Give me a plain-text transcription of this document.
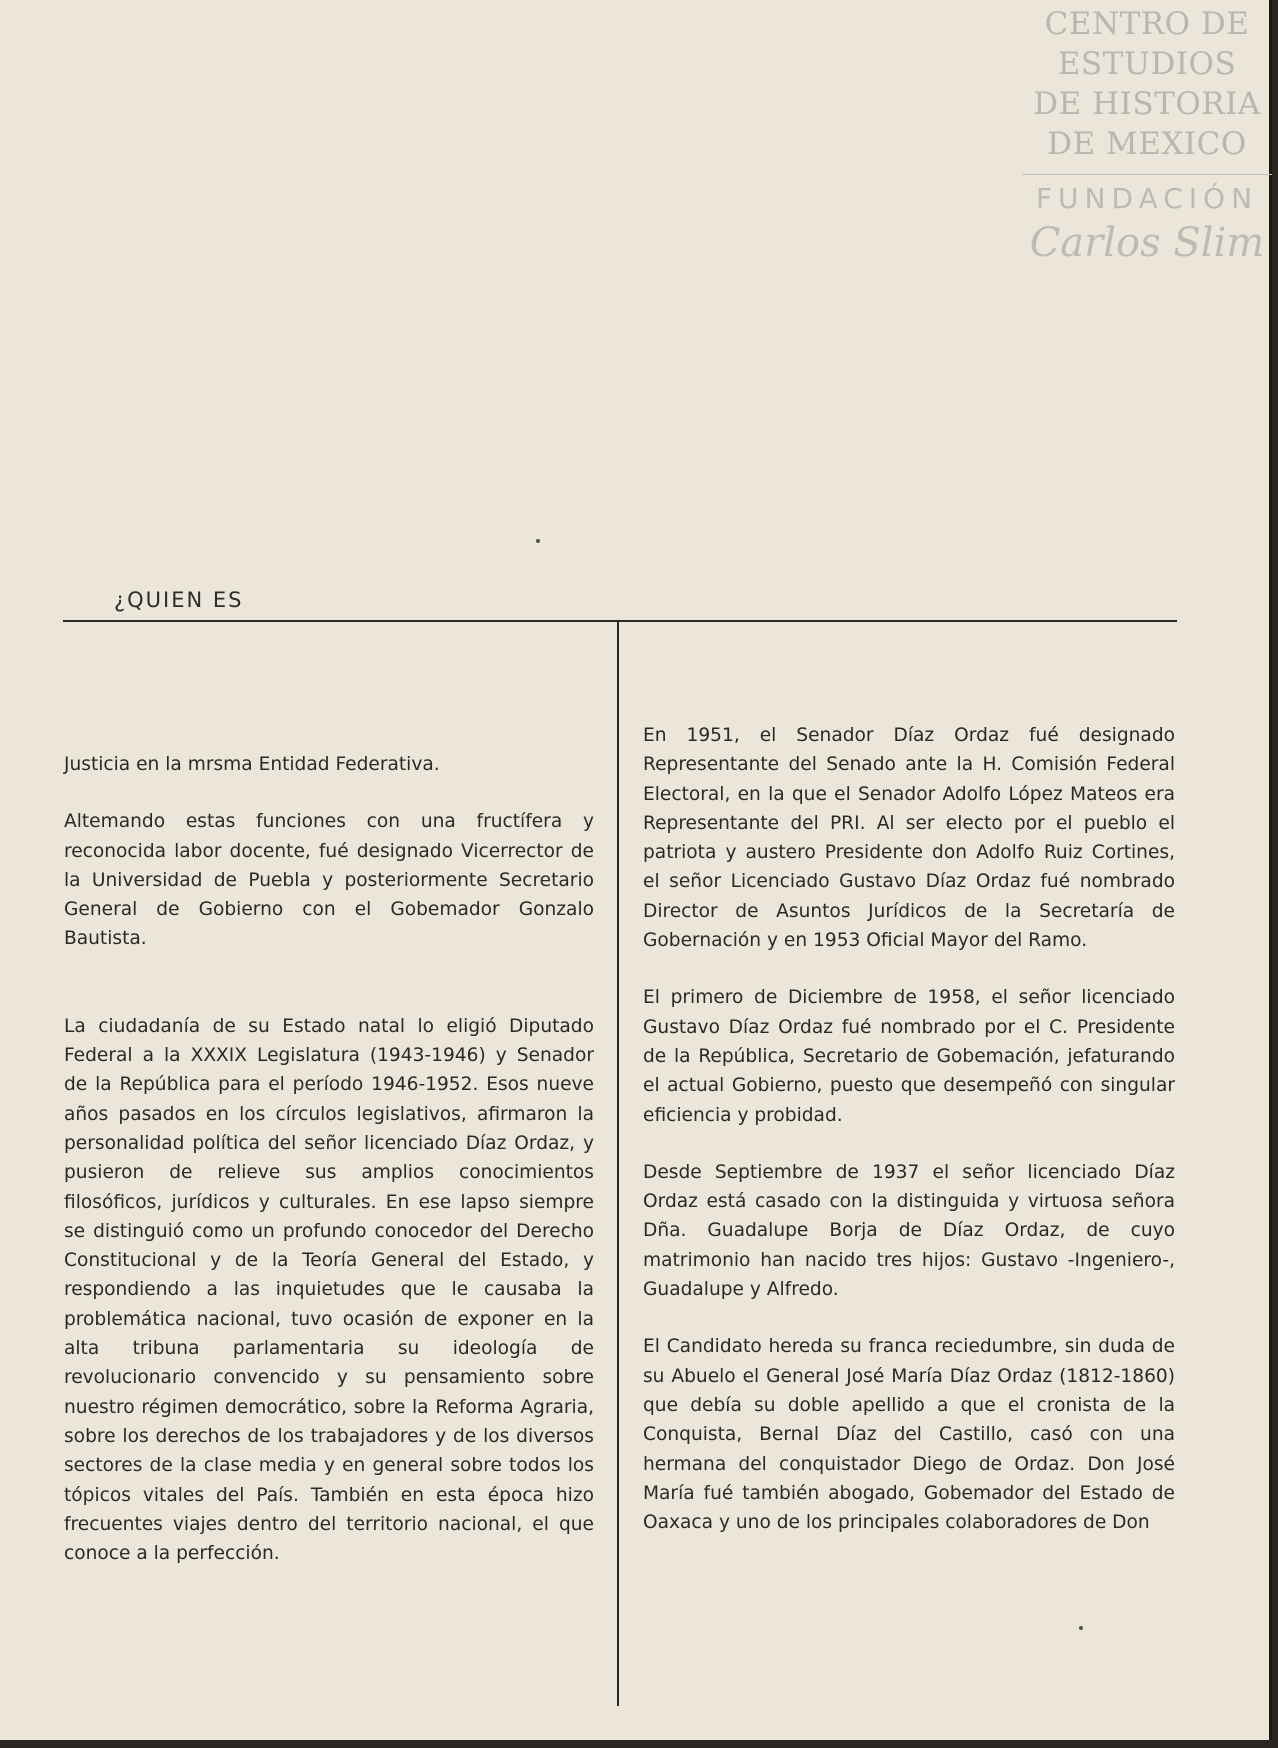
CENTRO DE
ESTUDIOS
DE HISTORIA
DE MEXICO
FUNDACIÓN
Carlos Slim
¿QUIEN ES

Justicia en la mrsma Entidad Federativa.

Altemando estas funciones con una fructífera y reconocida labor docente, fué designado Vicerrector de la Universidad de Puebla y posteriormente Secretario General de Gobierno con el Gobemador Gonzalo Bautista.

La ciudadanía de su Estado natal lo eligió Diputado Federal a la XXXIX Legislatura (1943-1946) y Senador de la República para el período 1946-1952. Esos nueve años pasados en los círculos legislativos, afirmaron la personalidad política del señor licenciado Díaz Ordaz, y pusieron de relieve sus amplios conocimientos filosóficos, jurídicos y culturales. En ese lapso siempre se distinguió como un profundo conocedor del Derecho Constitucional y de la Teoría General del Estado, y respondiendo a las inquietudes que le causaba la problemática nacional, tuvo ocasión de exponer en la alta tribuna parlamentaria su ideología de revolucionario convencido y su pensamiento sobre nuestro régimen democrático, sobre la Reforma Agraria, sobre los derechos de los trabajadores y de los diversos sectores de la clase media y en general sobre todos los tópicos vitales del País. También en esta época hizo frecuentes viajes dentro del territorio nacional, el que conoce a la perfección.

En 1951, el Senador Díaz Ordaz fué designado Representante del Senado ante la H. Comisión Federal Electoral, en la que el Senador Adolfo López Mateos era Representante del PRI. Al ser electo por el pueblo el patriota y austero Presidente don Adolfo Ruiz Cortines, el señor Licenciado Gustavo Díaz Ordaz fué nombrado Director de Asuntos Jurídicos de la Secretaría de Gobernación y en 1953 Oficial Mayor del Ramo.

El primero de Diciembre de 1958, el señor licenciado Gustavo Díaz Ordaz fué nombrado por el C. Presidente de la República, Secretario de Gobemación, jefaturando el actual Gobierno, puesto que desempeñó con singular eficiencia y probidad.

Desde Septiembre de 1937 el señor licenciado Díaz Ordaz está casado con la distinguida y virtuosa señora Dña. Guadalupe Borja de Díaz Ordaz, de cuyo matrimonio han nacido tres hijos: Gustavo -Ingeniero-, Guadalupe y Alfredo.

El Candidato hereda su franca reciedumbre, sin duda de su Abuelo el General José María Díaz Ordaz (1812-1860) que debía su doble apellido a que el cronista de la Conquista, Bernal Díaz del Castillo, casó con una hermana del conquistador Diego de Ordaz. Don José María fué también abogado, Gobemador del Estado de Oaxaca y uno de los principales colaboradores de Don
